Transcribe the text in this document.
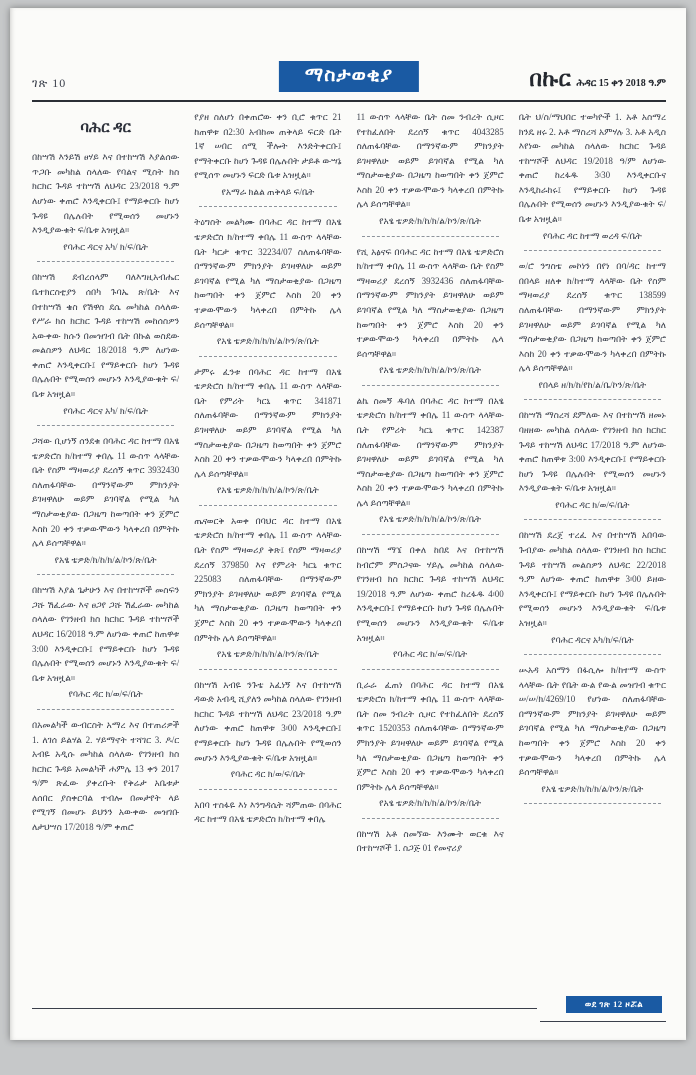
ገጽ 10	ማስታወቂያ	በኩር ሕዳር 15 ቀን 2018 ዓ.ም
ባሕር ዳር
በከሣሽ እንይሽ ፀሃይ እና በተከሣሽ እያልሰው ጥጋቡ መካከል ስላለው የባልና ሚስት ክስ ክርክር ጉዳይ ተከሣሽ ለህዳር 23/2018 ዓ.ም ለሆነው ቀጠሮ እንዲቀርቡ፤ የማይቀርቡ ከሆነ ጉዳዩ በሌሉበት የሚወሰን መሆኑን እንዲያውቁት ፍ/ቤቱ አዝዟል።
የባሕር ዳርና አካ/ ክ/ፍ/ቤት
በከሣሽ ደብረሰላም ባለእግዚአብሔር ቤተክርስቲያን ሰበካ ጉባኤ ጽ/ቤት እና በተከሣሽ ቄስ የሽዋስ ደሴ መካከል ስላለው የሥራ ክስ ክርክር ጉዳይ ተከሣሽ መከሰስዎን አውቀው ክሱን በመዝገብ ቤት በኩል ወስደው መልስዎን ለህዳር 18/2018 ዓ.ም ለሆነው ቀጠሮ እንዲቀርቡ፤ የማይቀርቡ ከሆነ ጉዳዩ በሌሉበት የሚወሰን መሆኑን እንዲያውቁት ፍ/ቤቱ አዝዟል።
የባሕር ዳርና አካ/ ክ/ፍ/ቤት
ጋሻው ቢሆነኝ ሰንደቁ በባሕር ዳር ከተማ በአፄ ቴዎድሮስ ክ/ከተማ ቀበሌ 11 ውስጥ ላላቸው ቤት የስም ማዛወሪያ ደረሰኝ ቁጥር 3932430 ስለጠፋባቸው በማንኛውም ምክንያት ይገዛዋለሁ ወይም ይገባኛል የሚል ካለ ማስታወቂያው በጋዜጣ ከወጣበት ቀን ጀምሮ እስከ 20 ቀን ተቃውሞውን ካላቀረበ በምትኩ ሌላ ይሰጣቸዋል።
የአፄ ቴዎድ/ክ/ከ/ክ/ል/ኮን/ጽ/ቤት
በከሣሽ እያል ጌታሁን እና በተከሣሾች መስፍን ጋሹ ሽፈራው እና ፀጋየ ጋሹ ሽፈራው መካከል ስላለው የገንዘብ ክስ ክርክር ጉዳይ ተከሣሾች ለህዳር 16/2018 ዓ.ም ለሆነው ቀጠሮ ከጠዋቱ 3:00 እንዲቀርቡ፤ የማይቀርቡ ከሆነ ጉዳዩ በሌሉበት የሚወሰን መሆኑን እንዲያውቁት ፍ/ቤቱ አዝዟል።
የባሕር ዳር ክ/ወ/ፍ/ቤት
በአመልካች ውብርስት አማረ እና በተጠሪዎች 1. ለገሰ ይልሃል 2. ሃይማኖት ተሻገር 3. ዶ/ር አብዬ አዲሱ መካከል ስላለው የገንዘብ ክስ ክርክር ጉዳይ አመልካች ሐምሌ 13 ቀን 2017 ዓ/ም ጽፈው ያቀረቡት የቅሬታ አቤቱታ ለሰበር ያስቀርባል ተብሎ በመታየት ላይ የሚገኝ በመሆኑ ይህንን አውቀው መዝገቡ ለታህሣስ 17/2018 ዓ/ም ቀጠሮ
የያዘ ስለሆነ በቀጠሮው ቀን ቢሮ ቁጥር 21 ከጠዋቱ በ2:30 አብከመ ጠቅላይ ፍርድ ቤት 1ኛ ሠበር ሰሚ ችሎት እንድትቀርቡ፤ የማትቀርቡ ከሆነ ጉዳዩ በሌሉበት ታይቶ ውሣኔ የሚሰጥ መሆኑን ፍርድ ቤቱ አዝዟል።
የአማራ ክልል ጠቅላይ ፍ/ቤት
ትዕግስት መልካሙ በባሕር ዳር ከተማ በአፄ ቴዎድሮስ ክ/ከተማ ቀበሌ 11 ውስጥ ላላቸው ቤት ካርታ ቁጥር 32234/07 ስለጠፋባቸው በማንኛውም ምክንያት ይገዛዋለሁ ወይም ይገባኛል የሚል ካለ ማስታወቂያው በጋዜጣ ከወጣበት ቀን ጀምሮ እስከ 20 ቀን ተቃውሞውን ካላቀረበ በምትኩ ሌላ ይሰጣቸዋል።
የአፄ ቴዎድ/ክ/ከ/ክ/ል/ኮን/ጽ/ቤት
ታምሩ ፈንቱ በባሕር ዳር ከተማ በአፄ ቴዎድሮስ ክ/ከተማ ቀበሌ 11 ውስጥ ላላቸው ቤት የምሪት ካርኒ ቁጥር 341871 ስለጠፋባቸው በማንኛውም ምክንያት ይገዛዋለሁ ወይም ይገባኛል የሚል ካለ ማስታወቂያው በጋዜጣ ከወጣበት ቀን ጀምሮ እስከ 20 ቀን ተቃውሞውን ካላቀረበ በምትኩ ሌላ ይሰጣቸዋል።
የአፄ ቴዎድ/ክ/ከ/ክ/ል/ኮን/ጽ/ቤት
ጤናወርቅ አወቀ በባህር ዳር ከተማ በአፄ ቴዎድሮስ ክ/ከተማ ቀበሌ 11 ውስጥ ላላቸው ቤት የስም ማዛወሪያ ቅጽ፤ የስም ማዛወሪያ ደረሰኝ 379850 እና የምሪት ካርኒ ቁጥር 225083 ስለጠፋባቸው በማንኛውም ምክንያት ይገዛዋለሁ ወይም ይገባኛል የሚል ካለ ማስታወቂያው በጋዜጣ ከወጣበት ቀን ጀምሮ እስከ 20 ቀን ተቃውሞውን ካላቀረበ በምትኩ ሌላ ይሰጣቸዋል።
የአፄ ቴዎድ/ክ/ከ/ክ/ል/ኮን/ጽ/ቤት
በከሣሽ አብዬ ንጉቴ አፈነኝ እና በተከሣሽ ዳውድ አብዲ ሺያለን መካከል ስላለው የገንዘብ ክርክር ጉዳይ ተከሣሽ ለህዳር 23/2018 ዓ.ም ለሆነው ቀጠሮ ከጠዋቱ 3፡00 እንዲቀርቡ፤ የማይቀርቡ ከሆነ ጉዳዩ በሌሉበት የሚወሰን መሆኑን እንዲያውቁት ፍ/ቤቱ አዝዟል።
የባሕር ዳር ክ/ወ/ፍ/ቤት
አበባ ተስፋዬ እነ እንግዳሴት ሻምጠው በባሕር ዳር ከተማ በአፄ ቴዎድሮስ ክ/ከተማ ቀበሌ
11 ውስጥ ላላቸው ቤት ስመ ንብረት ሲዞር የተከፈለበት ደረሰኝ ቁጥር 4043285 ስለጠፋባቸው በማንኛውም ምክንያት ይገዛዋለሁ ወይም ይገባኛል የሚል ካለ ማስታወቂያው በጋዜጣ ከወጣበት ቀን ጀምሮ እስከ 20 ቀን ተቃውሞውን ካላቀረበ በምትኩ ሌላ ይሰጣቸዋል።
የአፄ ቴዎድ/ክ/ከ/ክ/ል/ኮን/ጽ/ቤት
የሺ አፅናፍ በባሕር ዳር ከተማ በአፄ ቴዎድሮስ ክ/ከተማ ቀበሌ 11 ውስጥ ላላቸው ቤት የስም ማዛወሪያ ደረሰኝ 3932436 ስለጠፋባቸው በማንኛውም ምክንያት ይገዛዋለሁ ወይም ይገባኛል የሚል ካለ ማስታወቂያው በጋዜጣ ከወጣበት ቀን ጀምሮ እስከ 20 ቀን ተቃውሞውን ካላቀረበ በምትኩ ሌላ ይሰጣቸዋል።
የአፄ ቴዎድ/ክ/ከ/ክ/ል/ኮን/ጽ/ቤት
ልኬ ስመኝ ዱባለ በባሕር ዳር ከተማ በአፄ ቴዎድሮስ ክ/ከተማ ቀበሌ 11 ውስጥ ላላቸው ቤት የምሪት ካርኒ ቁጥር 142387 ስለጠፋባቸው በማንኛውም ምክንያት ይገዛዋለሁ ወይም ይገባኛል የሚል ካለ ማስታወቂያው በጋዜጣ ከወጣበት ቀን ጀምሮ እስከ 20 ቀን ተቃውሞውን ካላቀረበ በምትኩ ሌላ ይሰጣቸዋል።
የአፄ ቴዎድ/ክ/ከ/ክ/ል/ኮን/ጽ/ቤት
በከሣሽ ማኜ በቀለ ከበደ እና በተከሣሽ ከብሮም ምስጋናው ሃይሌ መካከል ስላለው የገንዘብ ክስ ክርክር ጉዳይ ተከሣሽ ለህዳር 19/2018 ዓ.ም ለሆነው ቀጠሮ ከረፋዱ 4፡00 እንዲቀርቡ፤ የማይቀርቡ ከሆነ ጉዳዩ በሌሉበት የሚወሰን መሆኑን እንዲያውቁት ፍ/ቤቱ አዝዟል።
የባሕር ዳር ክ/ወ/ፍ/ቤት
ቢራራ ፈጠነ በባሕር ዳር ከተማ በአፄ ቴዎድሮስ ክ/ከተማ ቀበሌ 11 ውስጥ ላላቸው ቤት ስመ ንብረት ሲዞር የተከፈለበት ደረሰኝ ቁጥር 1520353 ስለጠፋባቸው በማንኛውም ምክንያት ይገዛዋለሁ ወይም ይገባኛል የሚል ካለ ማስታወቂያው በጋዜጣ ከወጣበት ቀን ጀምሮ እስከ 20 ቀን ተቃውሞውን ካላቀረበ በምትኩ ሌላ ይሰጣቸዋል።
የአፄ ቴዎድ/ክ/ከ/ክ/ል/ኮን/ጽ/ቤት
በከሣሽ አቶ ስመኘው እንሙት ወርቁ እና በተከሣሾች 1. ስጋጅ 01 የመኖሪያ
ቤት ህ/ስ/ማህበር ተወካዮች 1. አቶ አስማረ ክንዴ ዘሩ 2. አቶ ማስረሻ አምሃሉ 3. አቶ አዲስ እየነው መካከል ስላለው ክርክር ጉዳይ ተከሣሾች ለህዳር 19/2018 ዓ/ም ለሆነው ቀጠሮ ከረፋዱ 3፡30 እንዲቀርቡና እንዲከራከሩ፤ የማይቀርቡ ከሆነ ጉዳዩ በሌሉበት የሚወሰን መሆኑን እንዲያውቁት ፍ/ቤቱ አዝዟል።
የባሕር ዳር ከተማ ወረዳ ፍ/ቤት
ወ/ሮ ንግስቴ መኮነን በየነ በባ/ዳር ከተማ በበላይ ዘለቀ ክ/ከተማ ላላቸው ቤት የስም ማዛወሪያ ደረሰኝ ቁጥር 138599 ስለጠፋባቸው በማንኛውም ምክንያት ይገዛዋለሁ ወይም ይገባኛል የሚል ካለ ማስታወቂያው በጋዜጣ ከወጣበት ቀን ጀምሮ እስከ 20 ቀን ተቃውሞውን ካላቀረበ በምትኩ ሌላ ይሰጣቸዋል።
የበላይ ዘ/ክ/ከ/የከ/ል/ቤ/ኮን/ጽ/ቤት
በከሣሽ ማስረሻ ደምለው እና በተከሣሽ ዘመኑ ባዘዘው መካከል ስላለው የገንዘብ ክስ ክርክር ጉዳይ ተከሣሽ ለህዳር 17/2018 ዓ.ም ለሆነው ቀጠሮ ከጠዋቱ 3:00 እንዲቀርቡ፤ የማይቀርቡ ከሆነ ጉዳዩ በሌሉበት የሚወሰን መሆኑን እንዲያውቁት ፍ/ቤቱ አዝዟል።
የባሕር ዳር ክ/ወ/ፍ/ቤት
በከሣሽ ደረጀ ተረፈ እና በተከሣሽ አበባው ጉብያው መካከል ስላለው የገንዘብ ክስ ክርክር ጉዳይ ተከሣሽ መልስዎን ለህዳር 22/2018 ዓ.ም ለሆነው ቀጠሮ ከጠዋቱ 3፡00 ይዘው እንዲቀርቡ፤ የማይቀርቡ ከሆነ ጉዳዩ በሌሉበት የሚወሰን መሆኑን እንዲያውቁት ፍ/ቤቱ አዝዟል።
የባሕር ዳርና አካ/ክ/ፍ/ቤት
ሡአዳ አስማን በፋሲሎ ክ/ከተማ ውስጥ ላላቸው ቤት የቤት ውል የውል መዝገብ ቁጥር ሠ/ሠ/ክ/4269/10 የሆነው ስለጠፋባቸው በማንኛውም ምክንያት ይገዛዋለሁ ወይም ይገባኛል የሚል ካለ ማስታወቂያው በጋዜጣ ከወጣበት ቀን ጀምሮ እስከ 20 ቀን ተቃውሞውን ካላቀረበ በምትኩ ሌላ ይሰጣቸዋል።
የአፄ ቴዎድ/ክ/ከ/ክ/ል/ኮን/ጽ/ቤት
ወደ ገጽ 12 ዞሯል
